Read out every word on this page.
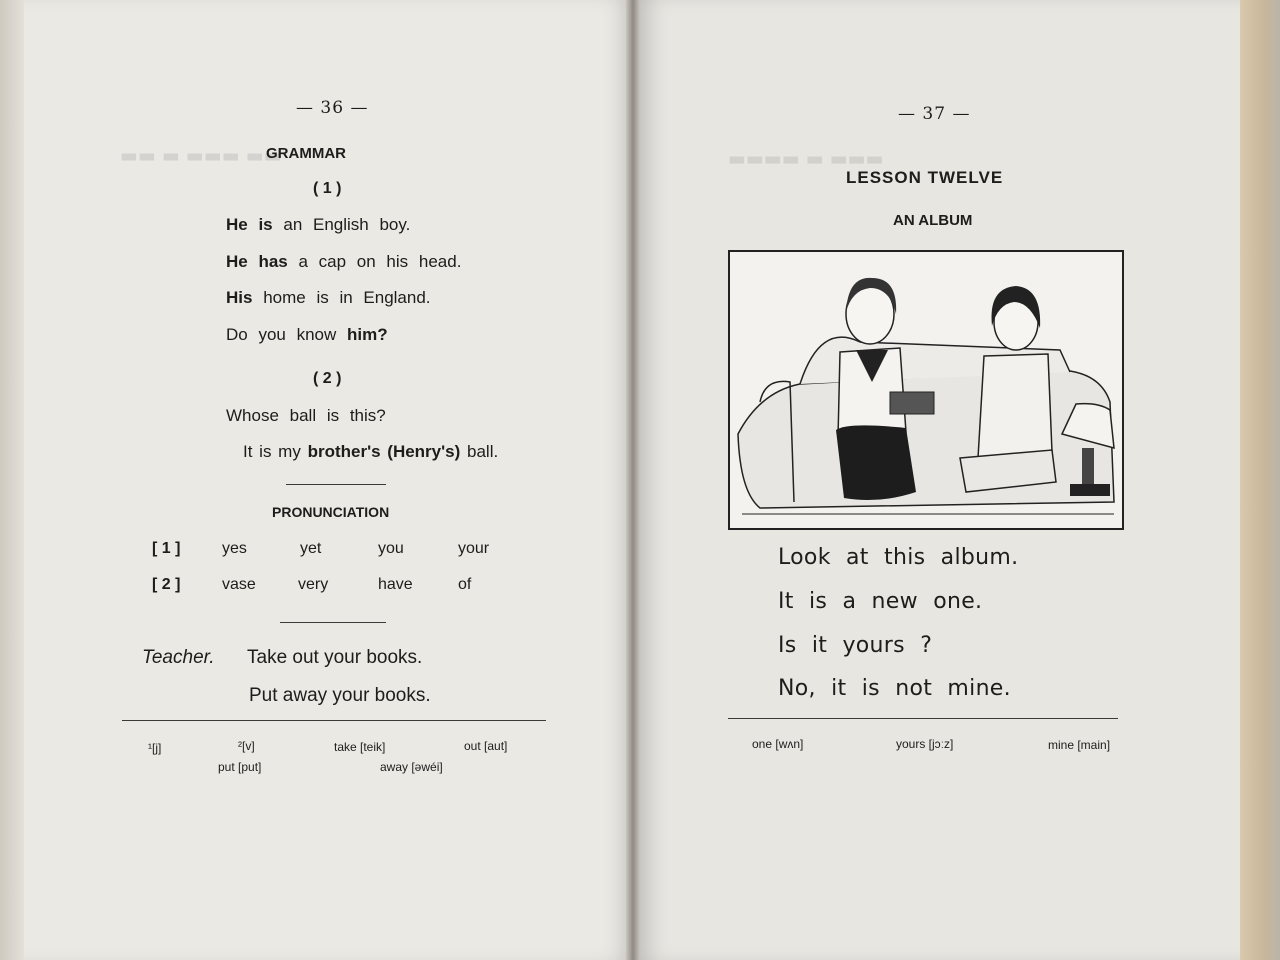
▬▬ ▬ ▬▬▬ ▬▬	▬▬▬▬ ▬ ▬▬▬
— 36 —
GRAMMAR
( 1 )
He is an English boy.
He has a cap on his head.
His home is in England.
Do you know him?
( 2 )
Whose ball is this?
It is my brother's (Henry's) ball.
PRONUNCIATION
[ 1 ]	yes	yet	you	your
[ 2 ]	vase	very	have	of
Teacher. Take out your books.
Put away your books.
¹[j]	²[v]	take [teik]	out [aut]
put [put]	away [əwéi]
— 37 —
LESSON TWELVE
AN ALBUM
Look at this album.
It is a new one.
Is it yours ?
No, it is not mine.
one [wʌn]	yours [jɔːz]	mine [main]
